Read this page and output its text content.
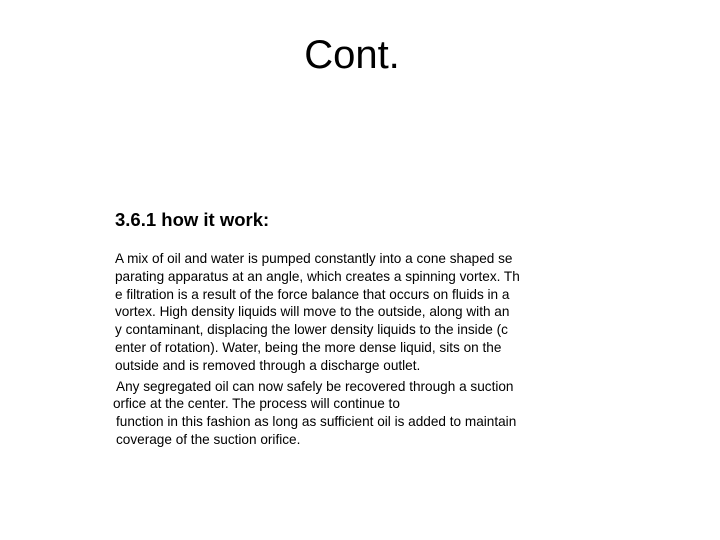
Cont.
3.6.1 how it work:
A mix of oil and water is pumped constantly into a cone shaped se
parating apparatus at an angle, which creates a spinning vortex. Th
e filtration is a result of the force balance that occurs on fluids in a
vortex. High density liquids will move to the outside, along with an
y contaminant, displacing the lower density liquids to the inside (c
enter of rotation). Water, being the more dense liquid, sits on the
outside and is removed through a discharge outlet.
Any segregated oil can now safely be recovered through a suction
orfice at the center. The process will continue to
function in this fashion as long as sufficient oil is added to maintain
coverage of the suction orifice.
